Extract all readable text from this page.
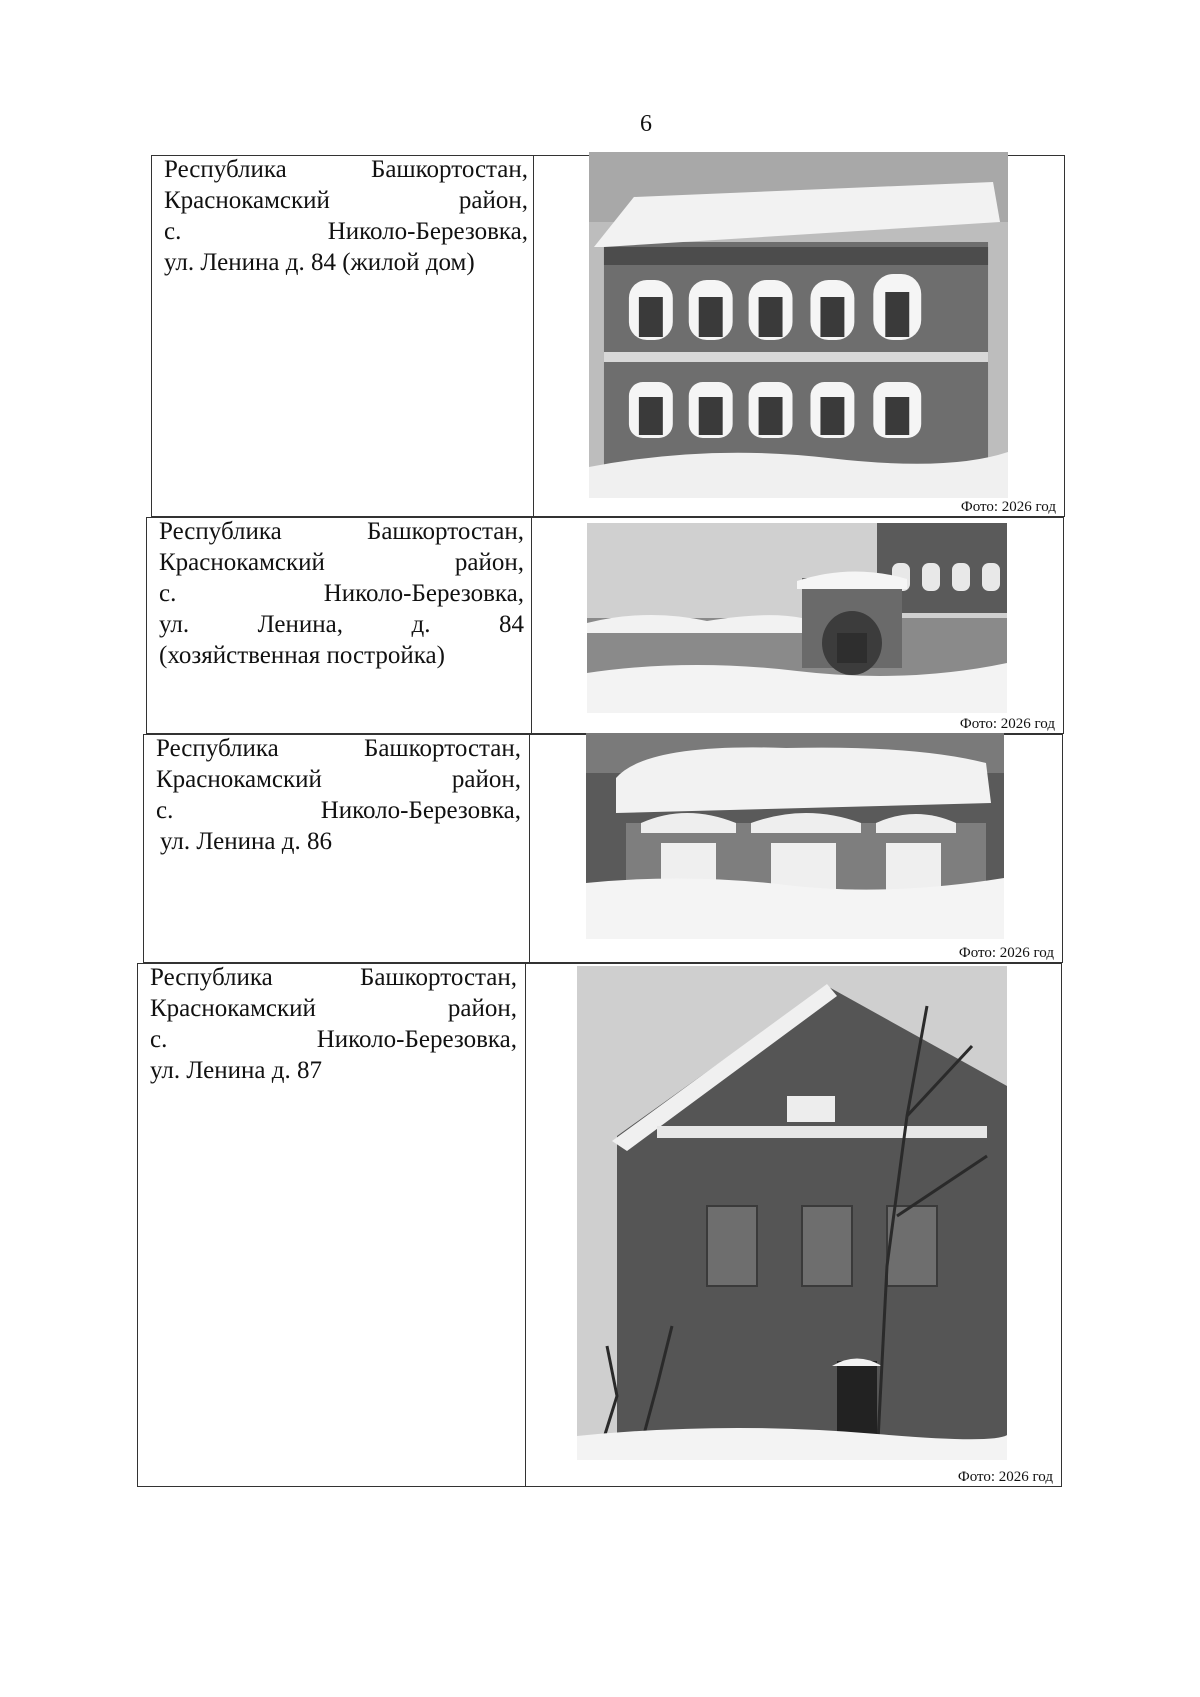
6
Республика Башкортостан,
Краснокамский район,
с. Николо-Березовка,
ул. Ленина д. 84 (жилой дом)
Фото: 2026 год
Республика Башкортостан,
Краснокамский район,
с. Николо-Березовка,
ул. Ленина, д. 84
(хозяйственная постройка)
Фото: 2026 год
Республика Башкортостан,
Краснокамский район,
с. Николо-Березовка,
ул. Ленина д. 86
Фото: 2026 год
Республика Башкортостан,
Краснокамский район,
с. Николо-Березовка,
ул. Ленина д. 87
Фото: 2026 год
